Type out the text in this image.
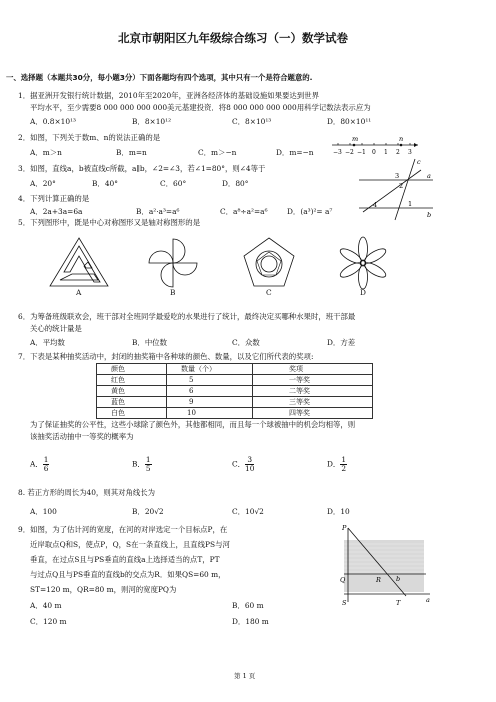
北京市朝阳区九年级综合练习（一）数学试卷
一、选择题（本题共30分，每小题3分）下面各题均有四个选项，其中只有一个是符合题意的.
1．据亚洲开发银行统计数据，2010年至2020年，亚洲各经济体的基础设施如果要达到世界
平均水平，至少需要8 000 000 000 000美元基建投资．将8 000 000 000 000用科学记数法表示应为
A．0.8×10¹³	B．8×10¹²	C．8×10¹³	D．80×10¹¹
2．如图，下列关于数m、n的说法正确的是
A．m＞n	B．m=n	C．m＞−n	D．m=−n
m	n
−3 −2 −1 0 1 2 3
3．如图，直线a，b被直线c所截，a∥b，∠2=∠3，若∠1=80°，则∠4等于
A．20°	B．40°	C．60°	D．80°
c
a
b
3
2
1
4
4．下列计算正确的是
A．2a+3a=6a	B．a²·a³=a⁶	C．a⁸÷a²=a⁶	D．(a³)²= a⁷
5．下列图形中，既是中心对称图形又是轴对称图形的是
A	B	C	D
6．为筹备班级联欢会，班干部对全班同学最爱吃的水果进行了统计，最终决定买哪种水果时，班干部最
关心的统计量是
A．平均数	B．中位数	C．众数	D．方差
7．下表是某种抽奖活动中，封闭的抽奖箱中各种球的颜色、数量，以及它们所代表的奖项:
颜色	数量（个）	奖项
红色	5	一等奖
黄色	6	二等奖
蓝色	9	三等奖
白色	10	四等奖
为了保证抽奖的公平性，这些小球除了颜色外，其他都相同，而且每一个球被抽中的机会均相等，则
该抽奖活动抽中一等奖的概率为
A． $\frac{1}{6}$	B． $\frac{1}{5}$	C． $\frac{3}{10}$	D． $\frac{1}{2}$
8. 若正方形的周长为40，则其对角线长为
A．100	B．20√2	C．10√2	D．10
9．如图，为了估计河的宽度，在河的对岸选定一个目标点P，在
近岸取点Q和S，使点P，Q，S在一条直线上，且直线PS与河
垂直，在过点S且与PS垂直的直线a上选择适当的点T，PT
与过点Q且与PS垂直的直线b的交点为R．如果QS=60 m，
ST=120 m，QR=80 m，则河的宽度PQ为
A．40 m	B．60 m
C．120 m	D．180 m
P
Q	R b
S	T	a
第 1 页
